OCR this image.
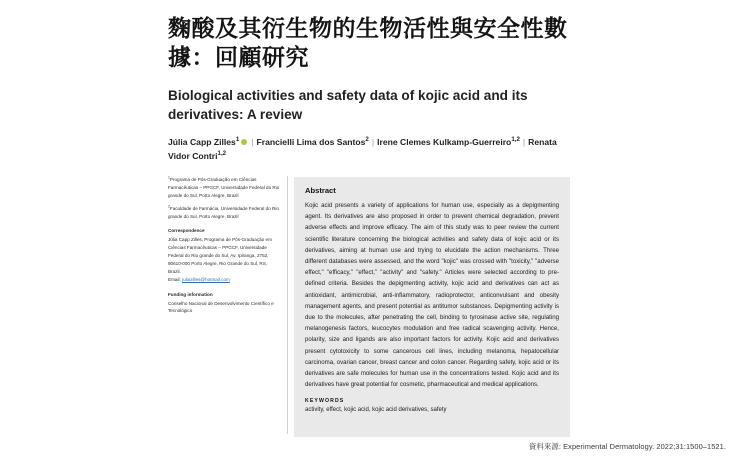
麴酸及其衍生物的生物活性與安全性數據：回顧研究
Biological activities and safety data of kojic acid and its derivatives: A review
Júlia Capp Zilles$^1$ | Francielli Lima dos Santos$^2$ | Irene Clemes Kulkamp-Guerreiro$^{1,2}$ | Renata Vidor Contri$^{1,2}$
$^1$Programa de Pós-Graduação em Ciências Farmacêuticas – PPGCF, Universidade Federal do Rio grande do Sul, Porto Alegre, Brazil
$^2$Faculdade de Farmácia, Universidade Federal do Rio grande do Sul, Porto Alegre, Brazil
Correspondence
Júlia Capp Zilles, Programa de Pós-Graduação em Ciências Farmacêuticas – PPGCF, Universidade Federal do Rio grande do Sul, Av. Ipiranga, 2752, 90610-000 Porto Alegre, Rio Grande do Sul, RS, Brazil.
Email: juliazilles@hotmail.com
Funding information
Conselho Nacional de Desenvolvimento Científico e Tecnológico
Abstract
Kojic acid presents a variety of applications for human use, especially as a depigmenting agent. Its derivatives are also proposed in order to prevent chemical degradation, prevent adverse effects and improve efficacy. The aim of this study was to peer review the current scientific literature concerning the biological activities and safety data of kojic acid or its derivatives, aiming at human use and trying to elucidate the action mechanisms. Three different databases were assessed, and the word "kojic" was crossed with "toxicity," "adverse effect," "efficacy," "effect," "activity" and "safety." Articles were selected according to pre-defined criteria. Besides the depigmenting activity, kojic acid and derivatives can act as antioxidant, antimicrobial, anti-inflammatory, radioprotector, anticonvulsant and obesity management agents, and present potential as antitumor substances. Depigmenting activity is due to the molecules, after penetrating the cell, binding to tyrosinase active site, regulating melanogenesis factors, leucocytes modulation and free radical scavenging activity. Hence, polarity, size and ligands are also important factors for activity. Kojic acid and derivatives present cytotoxicity to some cancerous cell lines, including melanoma, hepatocellular carcinoma, ovarian cancer, breast cancer and colon cancer. Regarding safety, kojic acid or its derivatives are safe molecules for human use in the concentrations tested. Kojic acid and its derivatives have great potential for cosmetic, pharmaceutical and medical applications.
KEYWORDS
activity, effect, kojic acid, kojic acid derivatives, safety
資料來源: Experimental Dermatology. 2022;31:1500–1521.
